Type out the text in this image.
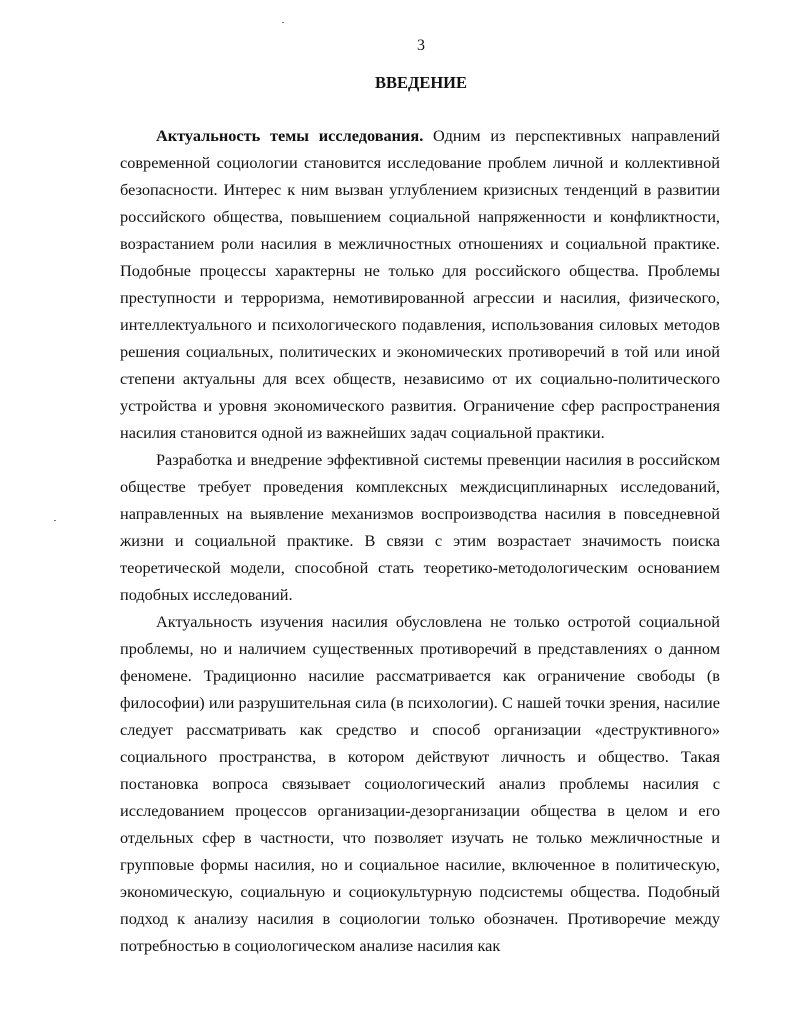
3
ВВЕДЕНИЕ

Актуальность темы исследования. Одним из перспективных направлений современной социологии становится исследование проблем личной и коллективной безопасности. Интерес к ним вызван углублением кризисных тенденций в развитии российского общества, повышением социальной напряженности и конфликтности, возрастанием роли насилия в межличностных отношениях и социальной практике. Подобные процессы характерны не только для российского общества. Проблемы преступности и терроризма, немотивированной агрессии и насилия, физического, интеллектуального и психологического подавления, использования силовых методов решения социальных, политических и экономических противоречий в той или иной степени актуальны для всех обществ, независимо от их социально-политического устройства и уровня экономического развития. Ограничение сфер распространения насилия становится одной из важнейших задач социальной практики.

Разработка и внедрение эффективной системы превенции насилия в российском обществе требует проведения комплексных междисциплинарных исследований, направленных на выявление механизмов воспроизводства насилия в повседневной жизни и социальной практике. В связи с этим возрастает значимость поиска теоретической модели, способной стать теоретико-методологическим основанием подобных исследований.

Актуальность изучения насилия обусловлена не только остротой социальной проблемы, но и наличием существенных противоречий в представлениях о данном феномене. Традиционно насилие рассматривается как ограничение свободы (в философии) или разрушительная сила (в психологии). С нашей точки зрения, насилие следует рассматривать как средство и способ организации «деструктивного» социального пространства, в котором действуют личность и общество. Такая постановка вопроса связывает социологический анализ проблемы насилия с исследованием процессов организации-дезорганизации общества в целом и его отдельных сфер в частности, что позволяет изучать не только межличностные и групповые формы насилия, но и социальное насилие, включенное в политическую, экономическую, социальную и социокультурную подсистемы общества. Подобный подход к анализу насилия в социологии только обозначен. Противоречие между потребностью в социологическом анализе насилия как
